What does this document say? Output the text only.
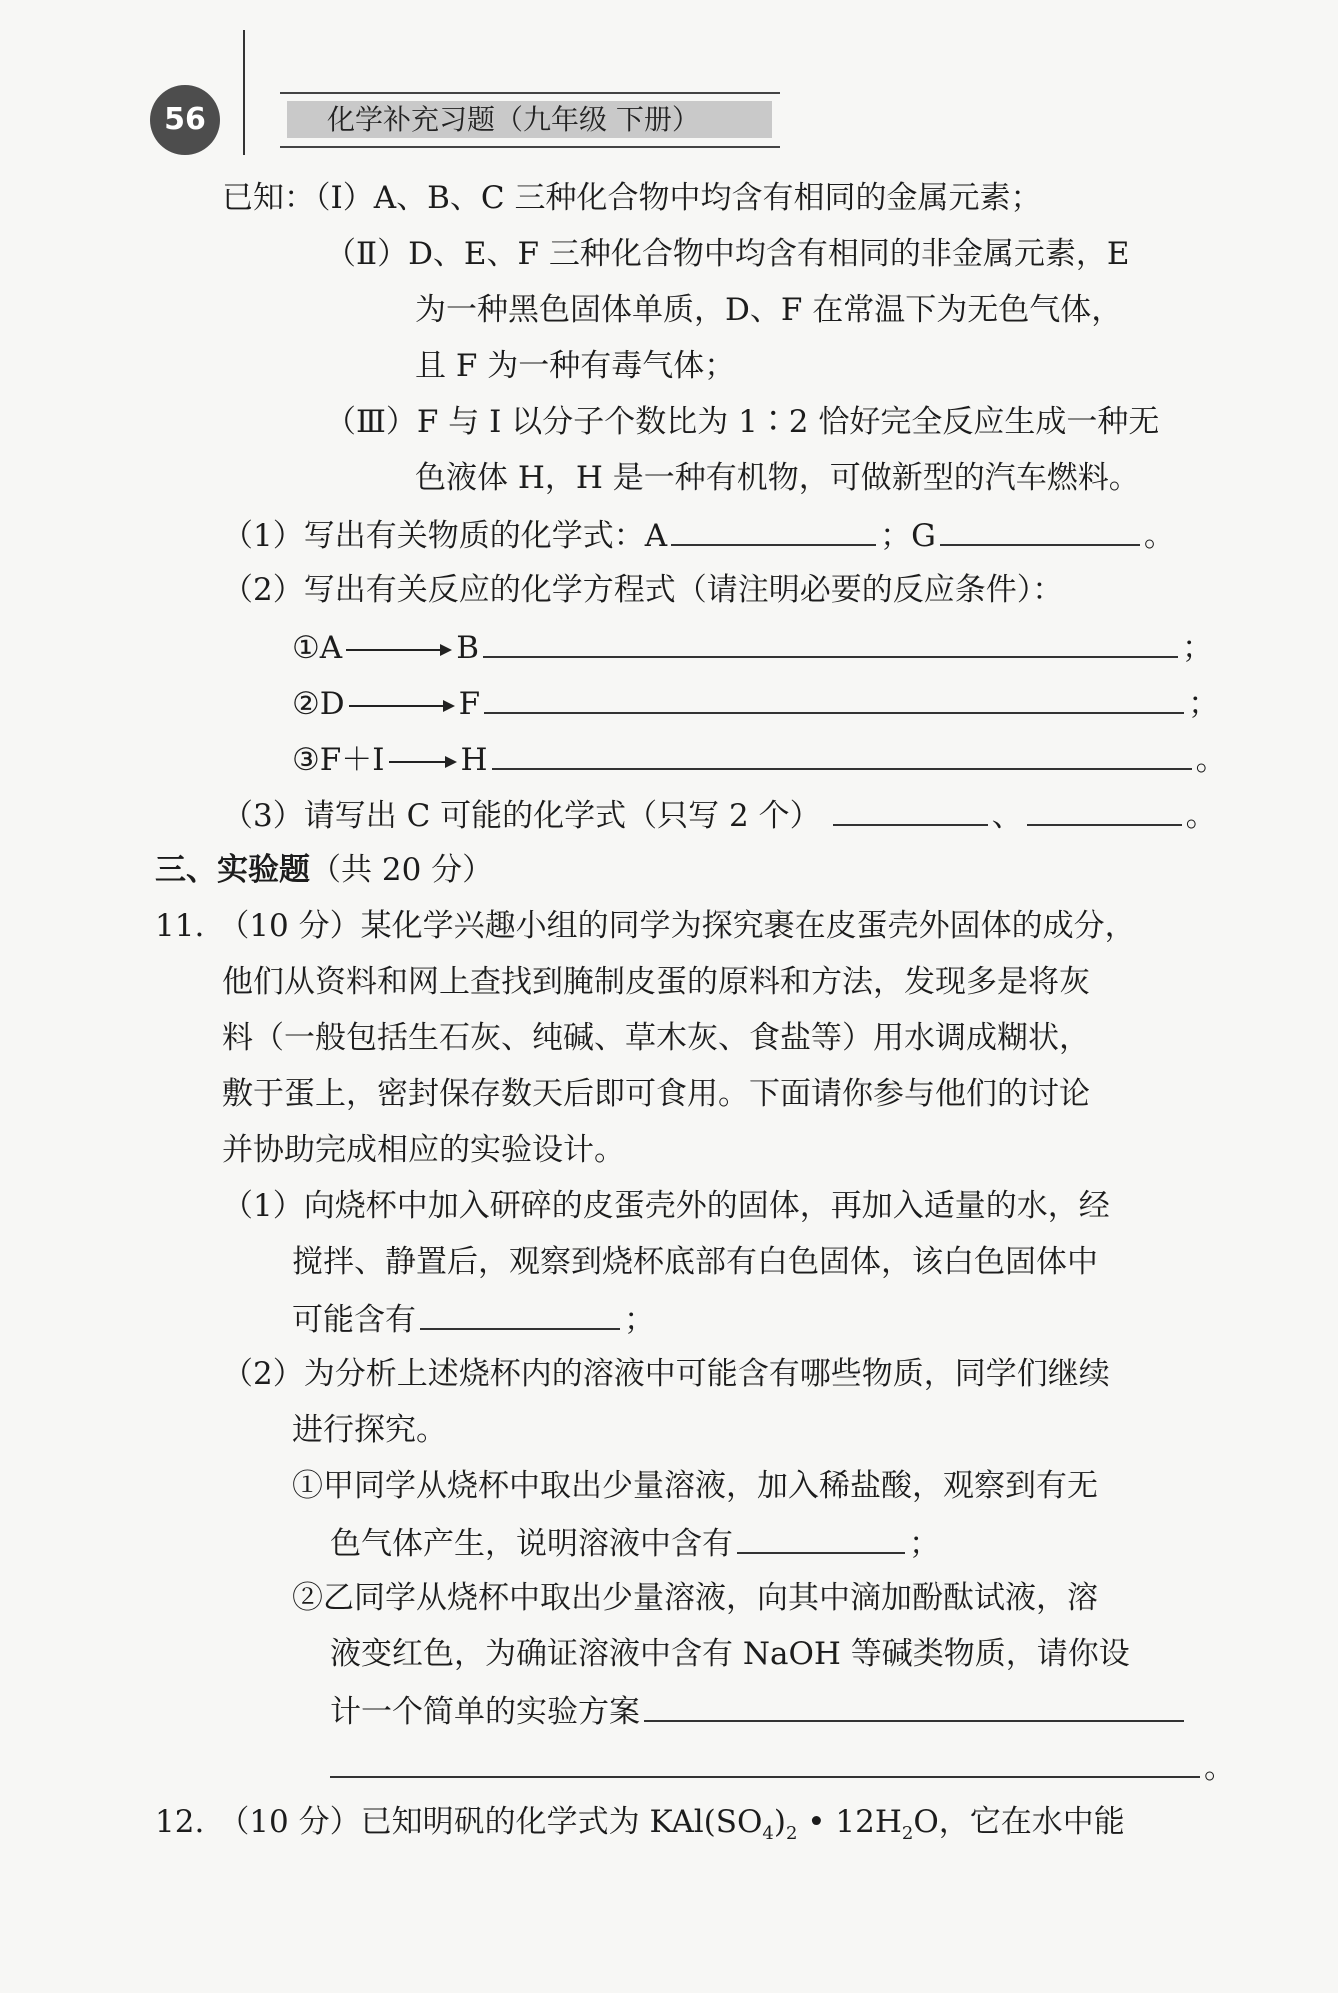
56	化学补充习题（九年级 下册）
已知：（Ⅰ）A、B、C 三种化合物中均含有相同的金属元素；
（Ⅱ）D、E、F 三种化合物中均含有相同的非金属元素，E
为一种黑色固体单质，D、F 在常温下为无色气体，
且 F 为一种有毒气体；
（Ⅲ）F 与 I 以分子个数比为 1∶2 恰好完全反应生成一种无
色液体 H，H 是一种有机物，可做新型的汽车燃料。
（1）写出有关物质的化学式：A	；G	。
（2）写出有关反应的化学方程式（请注明必要的反应条件）：
①A → B	；
②D → F	；
③F＋I → H	。
（3）请写出 C 可能的化学式（只写 2 个）	、	。
三、实验题（共 20 分）
11. （10 分）某化学兴趣小组的同学为探究裹在皮蛋壳外固体的成分，
他们从资料和网上查找到腌制皮蛋的原料和方法，发现多是将灰
料（一般包括生石灰、纯碱、草木灰、食盐等）用水调成糊状，
敷于蛋上，密封保存数天后即可食用。下面请你参与他们的讨论
并协助完成相应的实验设计。
（1）向烧杯中加入研碎的皮蛋壳外的固体，再加入适量的水，经
搅拌、静置后，观察到烧杯底部有白色固体，该白色固体中
可能含有	；
（2）为分析上述烧杯内的溶液中可能含有哪些物质，同学们继续
进行探究。
①甲同学从烧杯中取出少量溶液，加入稀盐酸，观察到有无
色气体产生，说明溶液中含有	；
②乙同学从烧杯中取出少量溶液，向其中滴加酚酞试液，溶
液变红色，为确证溶液中含有 NaOH 等碱类物质，请你设
计一个简单的实验方案
。
12. （10 分）已知明矾的化学式为 $KAl(SO_4)_2$ • $12H_2O$，它在水中能
